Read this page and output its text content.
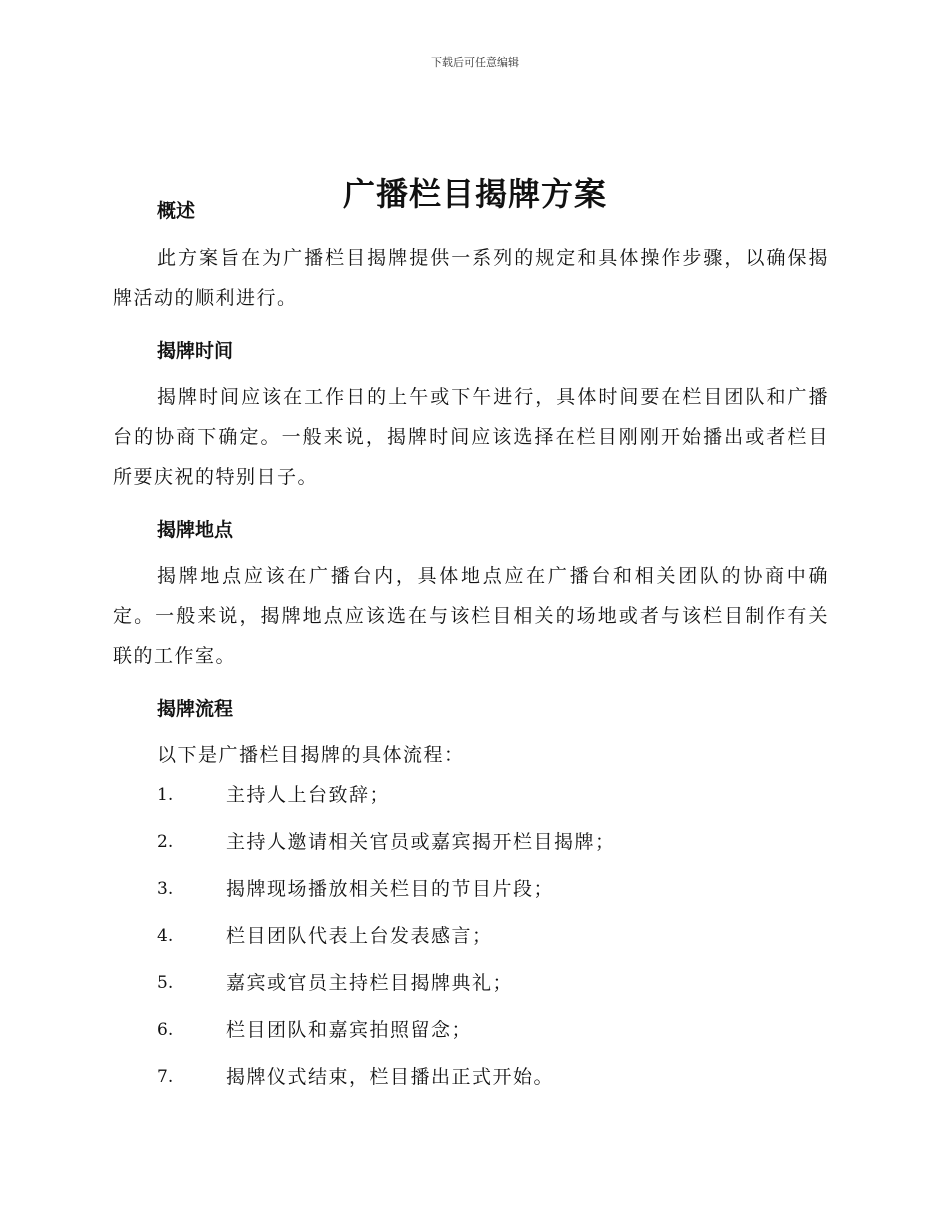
下载后可任意编辑
广播栏目揭牌方案
概述

此方案旨在为广播栏目揭牌提供一系列的规定和具体操作步骤，以确保揭牌活动的顺利进行。

揭牌时间

揭牌时间应该在工作日的上午或下午进行，具体时间要在栏目团队和广播台的协商下确定。一般来说，揭牌时间应该选择在栏目刚刚开始播出或者栏目所要庆祝的特别日子。

揭牌地点

揭牌地点应该在广播台内，具体地点应在广播台和相关团队的协商中确定。一般来说，揭牌地点应该选在与该栏目相关的场地或者与该栏目制作有关联的工作室。

揭牌流程

以下是广播栏目揭牌的具体流程：

1.	主持人上台致辞；
2.	主持人邀请相关官员或嘉宾揭开栏目揭牌；
3.	揭牌现场播放相关栏目的节目片段；
4.	栏目团队代表上台发表感言；
5.	嘉宾或官员主持栏目揭牌典礼；
6.	栏目团队和嘉宾拍照留念；
7.	揭牌仪式结束，栏目播出正式开始。
